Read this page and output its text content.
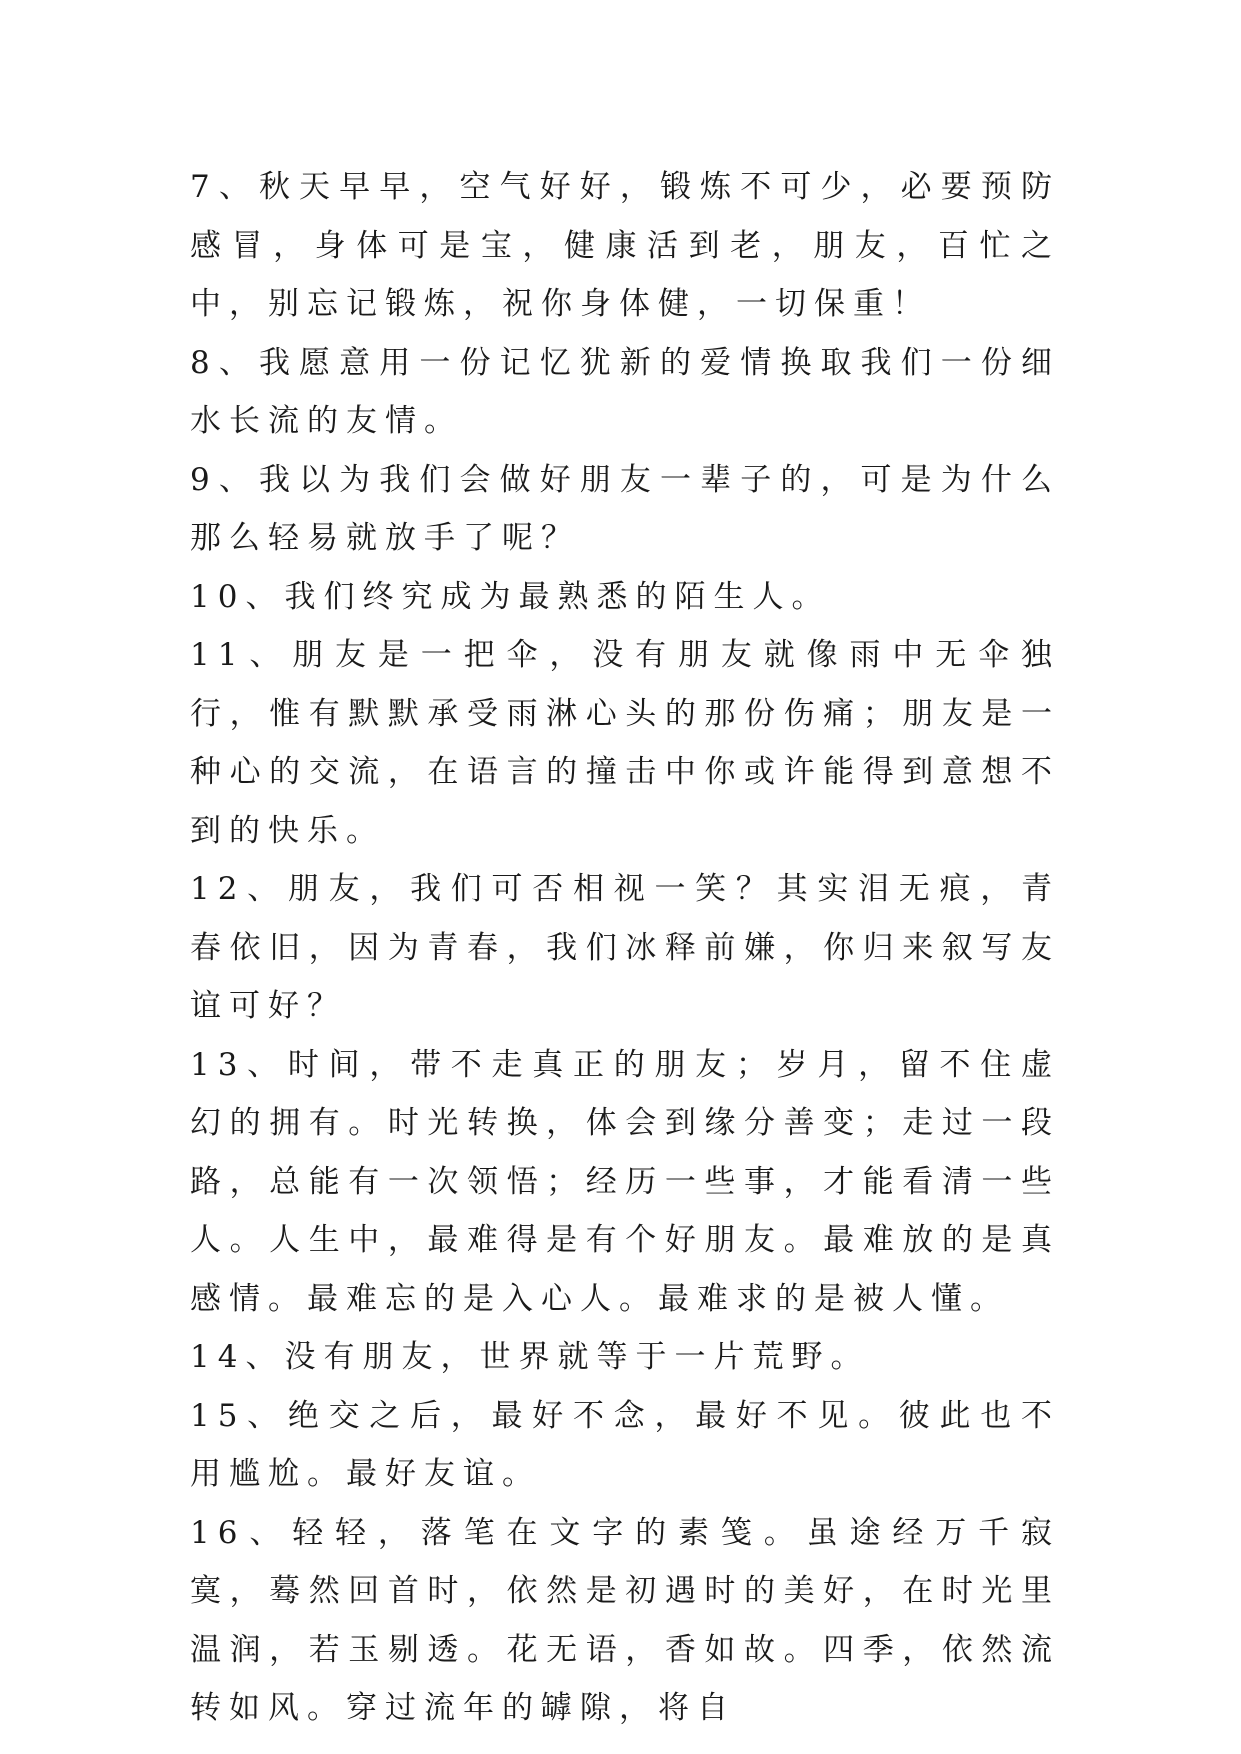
7、秋天早早，空气好好，锻炼不可少，必要预防感冒，身体可是宝，健康活到老，朋友，百忙之中，别忘记锻炼，祝你身体健，一切保重！

8、我愿意用一份记忆犹新的爱情换取我们一份细水长流的友情。

9、我以为我们会做好朋友一辈子的，可是为什么那么轻易就放手了呢？

10、我们终究成为最熟悉的陌生人。

11、朋友是一把伞，没有朋友就像雨中无伞独行，惟有默默承受雨淋心头的那份伤痛；朋友是一种心的交流，在语言的撞击中你或许能得到意想不到的快乐。

12、朋友，我们可否相视一笑？其实泪无痕，青春依旧，因为青春，我们冰释前嫌，你归来叙写友谊可好？

13、时间，带不走真正的朋友；岁月，留不住虚幻的拥有。时光转换，体会到缘分善变；走过一段路，总能有一次领悟；经历一些事，才能看清一些人。人生中，最难得是有个好朋友。最难放的是真感情。最难忘的是入心人。最难求的是被人懂。

14、没有朋友，世界就等于一片荒野。

15、绝交之后，最好不念，最好不见。彼此也不用尴尬。最好友谊。

16、轻轻，落笔在文字的素笺。虽途经万千寂寞，蓦然回首时，依然是初遇时的美好，在时光里温润，若玉剔透。花无语，香如故。四季，依然流转如风。穿过流年的罅隙，将自
